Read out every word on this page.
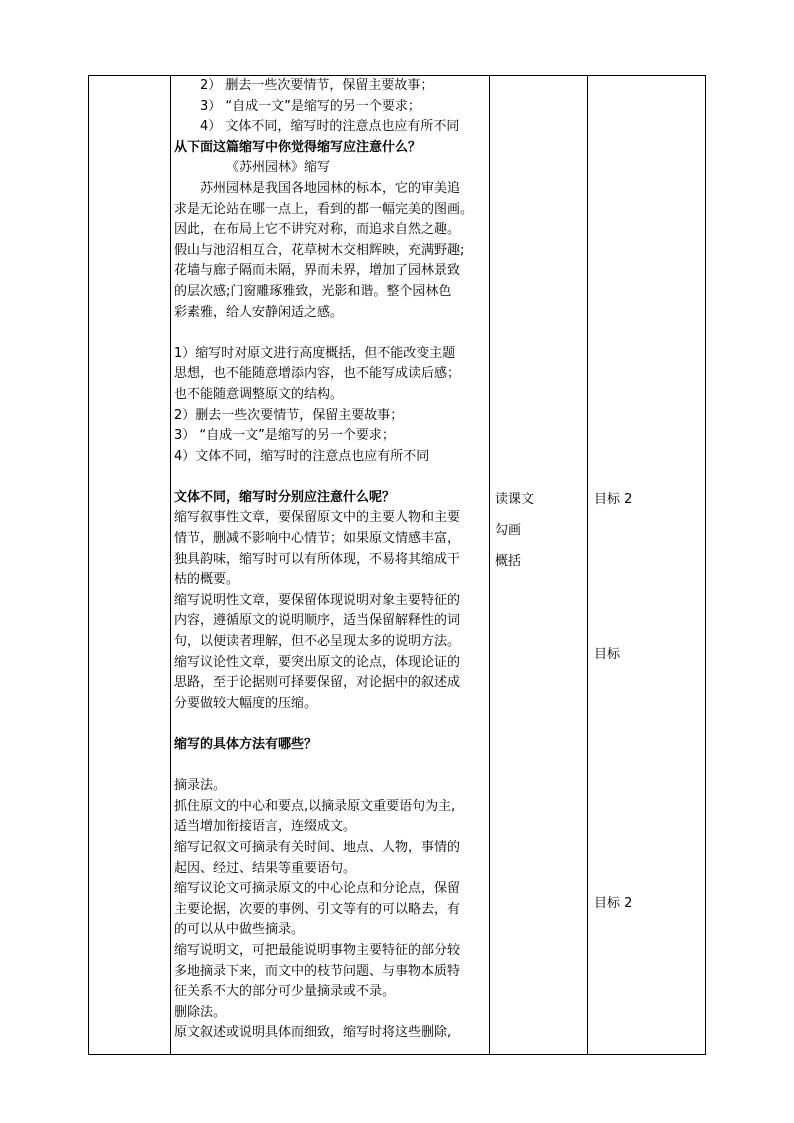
2） 删去一些次要情节，保留主要故事；
3） “自成一文”是缩写的另一个要求；
4） 文体不同，缩写时的注意点也应有所不同
从下面这篇缩写中你觉得缩写应注意什么？
《苏州园林》缩写
苏州园林是我国各地园林的标本，它的审美追
求是无论站在哪一点上，看到的都一幅完美的图画。
因此，在布局上它不讲究对称，而追求自然之趣。
假山与池沼相互合，花草树木交相辉映，充满野趣;
花墙与廊子隔而未隔，界而未界，增加了园林景致
的层次感;门窗雕琢雅致，光影和谐。整个园林色
彩素雅，给人安静闲适之感。
1）缩写时对原文进行高度概括，但不能改变主题
思想，也不能随意增添内容，也不能写成读后感；
也不能随意调整原文的结构。
2）删去一些次要情节，保留主要故事；
3） “自成一文”是缩写的另一个要求；
4）文体不同，缩写时的注意点也应有所不同
文体不同，缩写时分别应注意什么呢？
缩写叙事性文章，要保留原文中的主要人物和主要
情节，删减不影响中心情节；如果原文情感丰富，
独具韵味，缩写时可以有所体现，不易将其缩成干
枯的概要。
缩写说明性文章，要保留体现说明对象主要特征的
内容，遵循原文的说明顺序，适当保留解释性的词
句，以便读者理解，但不必呈现太多的说明方法。
缩写议论性文章，要突出原文的论点，体现论证的
思路，至于论据则可择要保留，对论据中的叙述成
分要做较大幅度的压缩。
缩写的具体方法有哪些？
摘录法。
抓住原文的中心和要点,以摘录原文重要语句为主,
适当增加衔接语言，连缀成文。
缩写记叙文可摘录有关时间、地点、人物，事情的
起因、经过、结果等重要语句。
缩写议论文可摘录原文的中心论点和分论点，保留
主要论据，次要的事例、引文等有的可以略去，有
的可以从中做些摘录。
缩写说明文，可把最能说明事物主要特征的部分较
多地摘录下来，而文中的枝节问题、与事物本质特
征关系不大的部分可少量摘录或不录。
删除法。
原文叙述或说明具体而细致，缩写时将这些删除,
读课文
勾画
概括
目标 2
目标
目标 2
